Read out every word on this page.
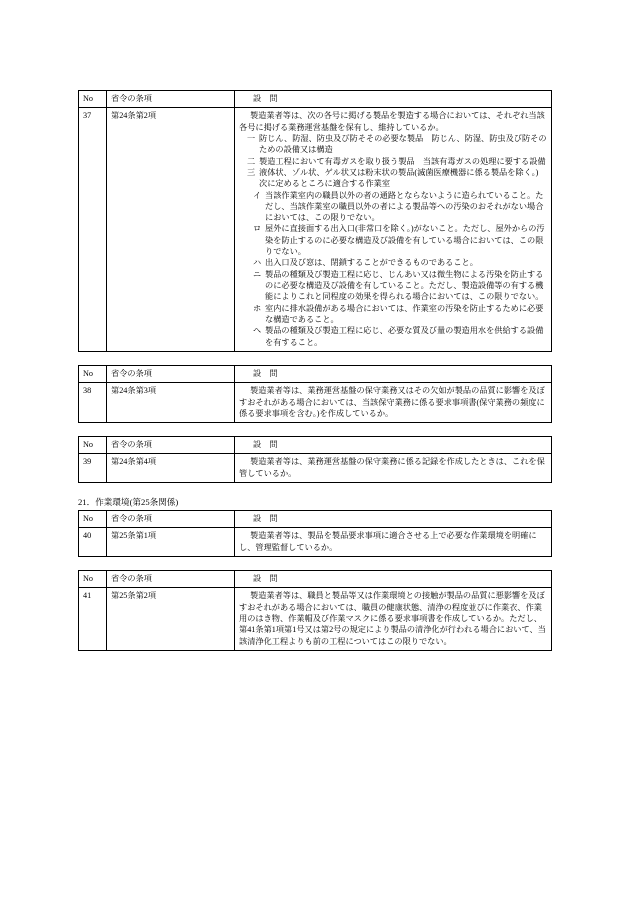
No	省令の条項	設　問
37	第24条第2項	製造業者等は、次の各号に掲げる製品を製造する場合においては、それぞれ当該各号に掲げる業務運営基盤を保有し、維持しているか。
一 防じん、防湿、防虫及び防そその必要な製品　防じん、防湿、防虫及び防そのための設備又は構造
二 製造工程において有毒ガスを取り扱う製品　当該有毒ガスの処理に要する設備
三 液体状、ゾル状、ゲル状又は粉末状の製品(滅菌医療機器に係る製品を除く。)　次に定めるところに適合する作業室
イ 当該作業室内の職員以外の者の通路とならないように造られていること。ただし、当該作業室の職員以外の者による製品等への汚染のおそれがない場合においては、この限りでない。
ロ 屋外に直接面する出入口(非常口を除く。)がないこと。ただし、屋外からの汚染を防止するのに必要な構造及び設備を有している場合においては、この限りでない。
ハ 出入口及び窓は、閉鎖することができるものであること。
ニ 製品の種類及び製造工程に応じ、じんあい又は微生物による汚染を防止するのに必要な構造及び設備を有していること。ただし、製造設備等の有する機能によりこれと同程度の効果を得られる場合においては、この限りでない。
ホ 室内に排水設備がある場合においては、作業室の汚染を防止するために必要な構造であること。
ヘ 製品の種類及び製造工程に応じ、必要な質及び量の製造用水を供給する設備を有すること。
No	省令の条項	設　問
38	第24条第3項	製造業者等は、業務運営基盤の保守業務又はその欠如が製品の品質に影響を及ぼすおそれがある場合においては、当該保守業務に係る要求事項書(保守業務の頻度に係る要求事項を含む。)を作成しているか。
No	省令の条項	設　問
39	第24条第4項	製造業者等は、業務運営基盤の保守業務に係る記録を作成したときは、これを保管しているか。
21．作業環境(第25条関係)
No	省令の条項	設　問
40	第25条第1項	製造業者等は、製品を製品要求事項に適合させる上で必要な作業環境を明確にし、管理監督しているか。
No	省令の条項	設　問
41	第25条第2項	製造業者等は、職員と製品等又は作業環境との接触が製品の品質に悪影響を及ぼすおそれがある場合においては、職員の健康状態、清浄の程度並びに作業衣、作業用のはき物、作業帽及び作業マスクに係る要求事項書を作成しているか。ただし、第41条第1項第1号又は第2号の規定により製品の清浄化が行われる場合において、当該清浄化工程よりも前の工程についてはこの限りでない。
